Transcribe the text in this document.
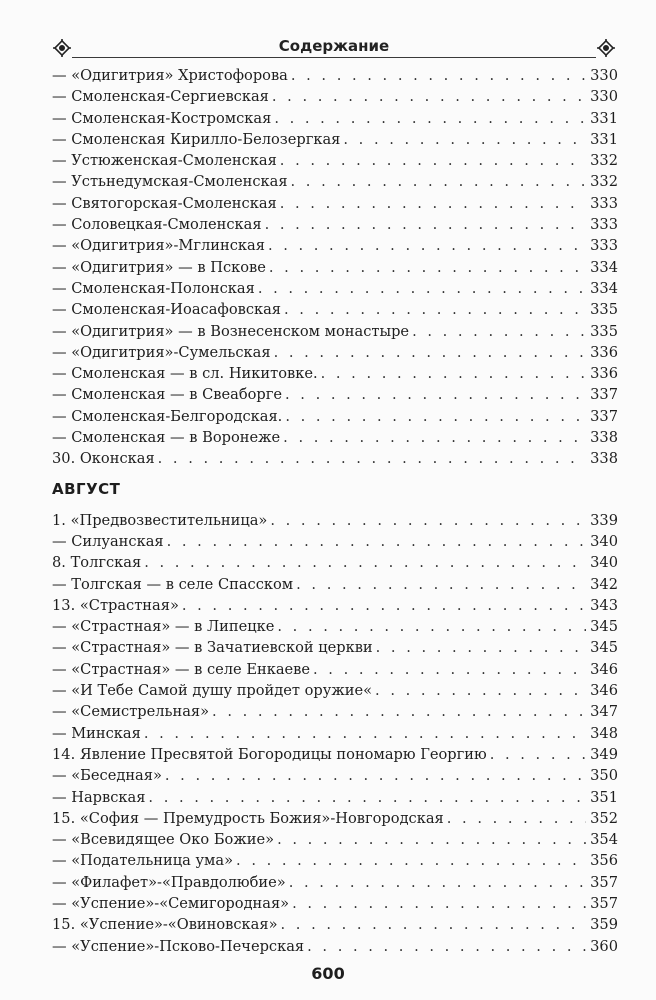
Содержание
— «Одигитрия» Христофорова . . .	330
— Смоленская-Сергиевская . . .	330
— Смоленская-Костромская . . .	331
— Смоленская Кирилло-Белозергкая . . .	331
— Устюженская-Смоленская . . .	332
— Устьнедумская-Смоленская . . .	332
— Святогорская-Смоленская . . .	333
— Соловецкая-Смоленская . . .	333
— «Одигитрия»-Мглинская . . .	333
— «Одигитрия» — в Пскове . . .	334
— Смоленская-Полонская . . .	334
— Смоленская-Иоасафовская . . .	335
— «Одигитрия» — в Вознесенском монастыре . . .	335
— «Одигитрия»-Сумельская . . .	336
— Смоленская — в сл. Никитовке. . . .	336
— Смоленская — в Свеаборге . . .	337
— Смоленская-Белгородская. . . .	337
— Смоленская — в Воронеже . . .	338
30. Оконская . . .	338
АВГУСТ
1. «Предвозвестительница» . . .	339
— Силуанская . . .	340
8. Толгская . . .	340
— Толгская — в селе Спасском . . .	342
13. «Страстная» . . .	343
— «Страстная» — в Липецке . . .	345
— «Страстная» — в Зачатиевской церкви . . .	345
— «Страстная» — в селе Енкаеве . . .	346
— «И Тебе Самой душу пройдет оружие« . . .	346
— «Семистрельная» . . .	347
— Минская . . .	348
14. Явление Пресвятой Богородицы пономарю Георгию . . .	349
— «Беседная» . . .	350
— Нарвская . . .	351
15. «София — Премудрость Божия»-Новгородская . . .	352
— «Всевидящее Око Божие» . . .	354
— «Подательница ума» . . .	356
— «Филафет»-«Правдолюбие» . . .	357
— «Успение»-«Семигородная» . . .	357
15. «Успение»-«Овиновская» . . .	359
— «Успение»-Псково-Печерская . . .	360
600
